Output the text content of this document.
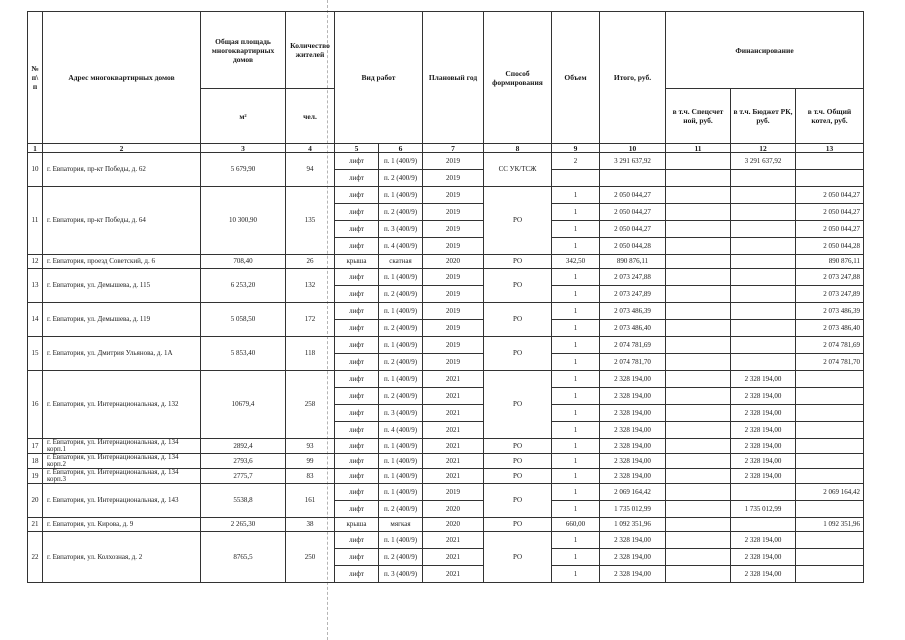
№ п\ п	Адрес многоквартирных домов	Общая площадь многоквартирных домов	Количество жителей	Вид работ		Плановый год	Способ формирования	Объем	Итого, руб.	Финансирование		
		м²	чел.							в т.ч. Спецсчет ной, руб.	в т.ч. Бюджет РК, руб.	в т.ч. Общий котел, руб.
1	2	3	4	5	6	7	8	9	10	11	12	13
10	г. Евпатория, пр-кт Победы, д. 62	5 679,90	94	лифт	п. 1 (400/9)	2019	СС УК/ТСЖ	2	3 291 637,92		3 291 637,92	
				лифт	п. 2 (400/9)	2019						
11	г. Евпатория, пр-кт Победы, д. 64	10 300,90	135	лифт	п. 1 (400/9)	2019	РО	1	2 050 044,27			2 050 044,27
				лифт	п. 2 (400/9)	2019		1	2 050 044,27			2 050 044,27
				лифт	п. 3 (400/9)	2019		1	2 050 044,27			2 050 044,27
				лифт	п. 4 (400/9)	2019		1	2 050 044,28			2 050 044,28
12	г. Евпатория, проезд Советский, д. 6	708,40	26	крыша	скатная	2020	РО	342,50	890 876,11			890 876,11
13	г. Евпатория, ул. Демышева, д. 115	6 253,20	132	лифт	п. 1 (400/9)	2019	РО	1	2 073 247,88			2 073 247,88
				лифт	п. 2 (400/9)	2019		1	2 073 247,89			2 073 247,89
14	г. Евпатория, ул. Демышева, д. 119	5 058,50	172	лифт	п. 1 (400/9)	2019	РО	1	2 073 486,39			2 073 486,39
				лифт	п. 2 (400/9)	2019		1	2 073 486,40			2 073 486,40
15	г. Евпатория, ул. Дмитрия Ульянова, д. 1А	5 853,40	118	лифт	п. 1 (400/9)	2019	РО	1	2 074 781,69			2 074 781,69
				лифт	п. 2 (400/9)	2019		1	2 074 781,70			2 074 781,70
16	г. Евпатория, ул. Интернациональная, д. 132	10679,4	258	лифт	п. 1 (400/9)	2021	РО	1	2 328 194,00		2 328 194,00	
				лифт	п. 2 (400/9)	2021		1	2 328 194,00		2 328 194,00	
				лифт	п. 3 (400/9)	2021		1	2 328 194,00		2 328 194,00	
				лифт	п. 4 (400/9)	2021		1	2 328 194,00		2 328 194,00	
17	г. Евпатория, ул. Интернациональная, д. 134 корп.1	2892,4	93	лифт	п. 1 (400/9)	2021	РО	1	2 328 194,00		2 328 194,00	
18	г. Евпатория, ул. Интернациональная, д. 134 корп.2	2793,6	99	лифт	п. 1 (400/9)	2021	РО	1	2 328 194,00		2 328 194,00	
19	г. Евпатория, ул. Интернациональная, д. 134 корп.3	2775,7	83	лифт	п. 1 (400/9)	2021	РО	1	2 328 194,00		2 328 194,00	
20	г. Евпатория, ул. Интернациональная, д. 143	5538,8	161	лифт	п. 1 (400/9)	2019	РО	1	2 069 164,42			2 069 164,42
				лифт	п. 2 (400/9)	2020		1	1 735 012,99		1 735 012,99	
21	г. Евпатория, ул. Кирова, д. 9	2 265,30	38	крыша	мягкая	2020	РО	660,00	1 092 351,96			1 092 351,96
22	г. Евпатория, ул. Колхозная, д. 2	8765,5	250	лифт	п. 1 (400/9)	2021	РО	1	2 328 194,00		2 328 194,00	
				лифт	п. 2 (400/9)	2021		1	2 328 194,00		2 328 194,00	
				лифт	п. 3 (400/9)	2021		1	2 328 194,00		2 328 194,00	
